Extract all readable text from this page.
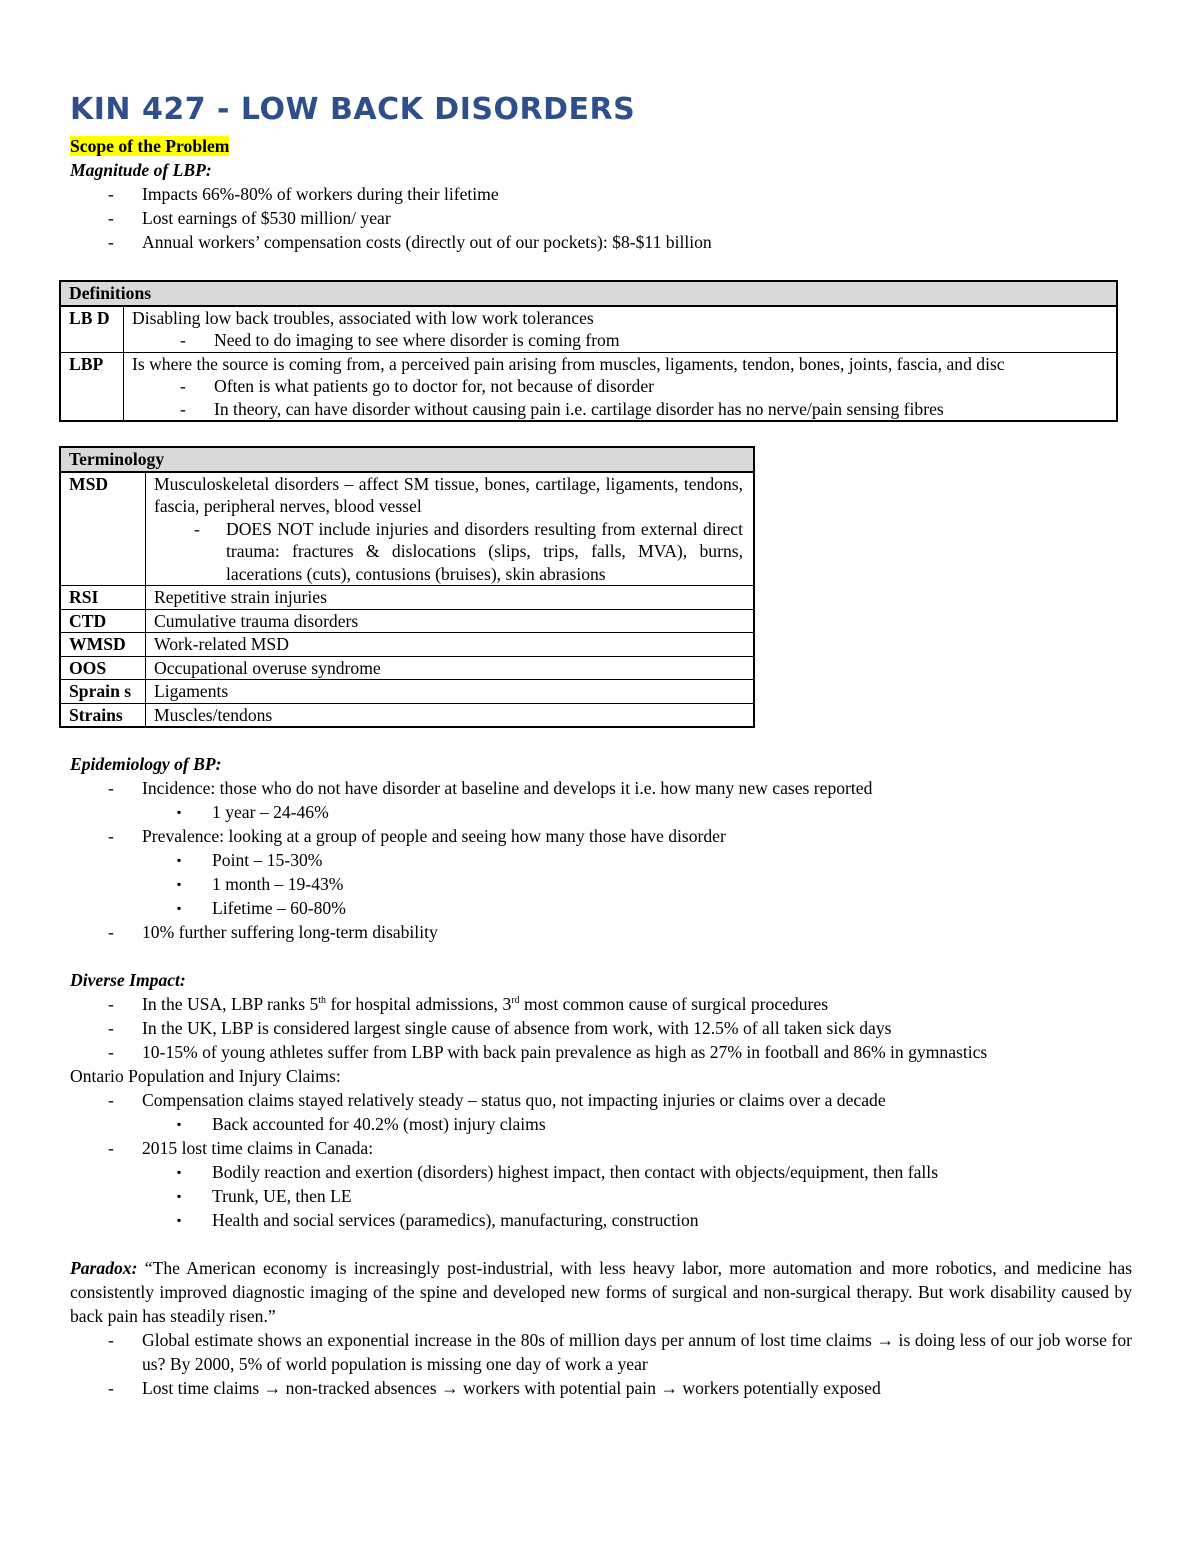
KIN 427 - LOW BACK DISORDERS

Scope of the Problem

Magnitude of LBP:

- Impacts 66%-80% of workers during their lifetime
- Lost earnings of $530 million/ year
- Annual workers’ compensation costs (directly out of our pockets): $8-$11 billion
Definitions	
LB D	Disabling low back troubles, associated with low work tolerances
- Need to do imaging to see where disorder is coming from

LBP	Is where the source is coming from, a perceived pain arising from muscles, ligaments, tendon, bones, joints, fascia, and disc
- Often is what patients go to doctor for, not because of disorder
- In theory, can have disorder without causing pain i.e. cartilage disorder has no nerve/pain sensing fibres
Terminology	
MSD	Musculoskeletal disorders – affect SM tissue, bones, cartilage, ligaments, tendons, fascia, peripheral nerves, blood vessel
- DOES NOT include injuries and disorders resulting from external direct trauma: fractures & dislocations (slips, trips, falls, MVA), burns, lacerations (cuts), contusions (bruises), skin abrasions

RSI	Repetitive strain injuries
CTD	Cumulative trauma disorders
WMSD	Work-related MSD
OOS	Occupational overuse syndrome
Sprain s	Ligaments
Strains	Muscles/tendons

Epidemiology of BP:

- Incidence: those who do not have disorder at baseline and develops it i.e. how many new cases reported
▪ 1 year – 24-46%
- Prevalence: looking at a group of people and seeing how many those have disorder
▪ Point – 15-30%
▪ 1 month – 19-43%
▪ Lifetime – 60-80%
- 10% further suffering long-term disability

Diverse Impact:

- In the USA, LBP ranks 5th for hospital admissions, 3rd most common cause of surgical procedures
- In the UK, LBP is considered largest single cause of absence from work, with 12.5% of all taken sick days
- 10-15% of young athletes suffer from LBP with back pain prevalence as high as 27% in football and 86% in gymnastics

Ontario Population and Injury Claims:

- Compensation claims stayed relatively steady – status quo, not impacting injuries or claims over a decade
▪ Back accounted for 40.2% (most) injury claims
- 2015 lost time claims in Canada:
▪ Bodily reaction and exertion (disorders) highest impact, then contact with objects/equipment, then falls
▪ Trunk, UE, then LE
▪ Health and social services (paramedics), manufacturing, construction

Paradox: “The American economy is increasingly post-industrial, with less heavy labor, more automation and more robotics, and medicine has consistently improved diagnostic imaging of the spine and developed new forms of surgical and non-surgical therapy. But work disability caused by back pain has steadily risen.”

- Global estimate shows an exponential increase in the 80s of million days per annum of lost time claims → is doing less of our job worse for us? By 2000, 5% of world population is missing one day of work a year
- Lost time claims → non-tracked absences → workers with potential pain → workers potentially exposed
